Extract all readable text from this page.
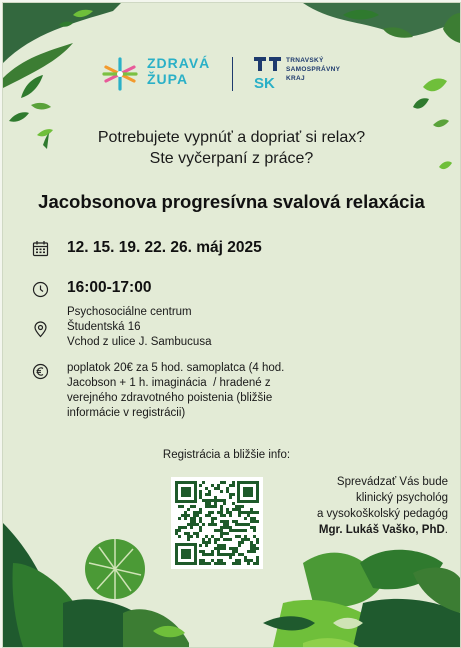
ZDRAVÁ
ŽUPA	SK
TRNAVSKÝ
SAMOSPRÁVNY
KRAJ
Potrebujete vypnúť a dopriať si relax?
Ste vyčerpaní z práce?
Jacobsonova progresívna svalová relaxácia
12. 15. 19. 22. 26. máj 2025
16:00-17:00
Psychosociálne centrum
Študentská 16
Vchod z ulice J. Sambucusa
poplatok 20€ za 5 hod. samoplatca (4 hod.
Jacobson + 1 h. imaginácia  / hradené z
verejného zdravotného poistenia (bližšie
informácie v registrácii)
Registrácia a bližšie info:
Sprevádzať Vás bude
klinický psychológ
a vysokoškolský pedagóg
Mgr. Lukáš Vaško, PhD.
